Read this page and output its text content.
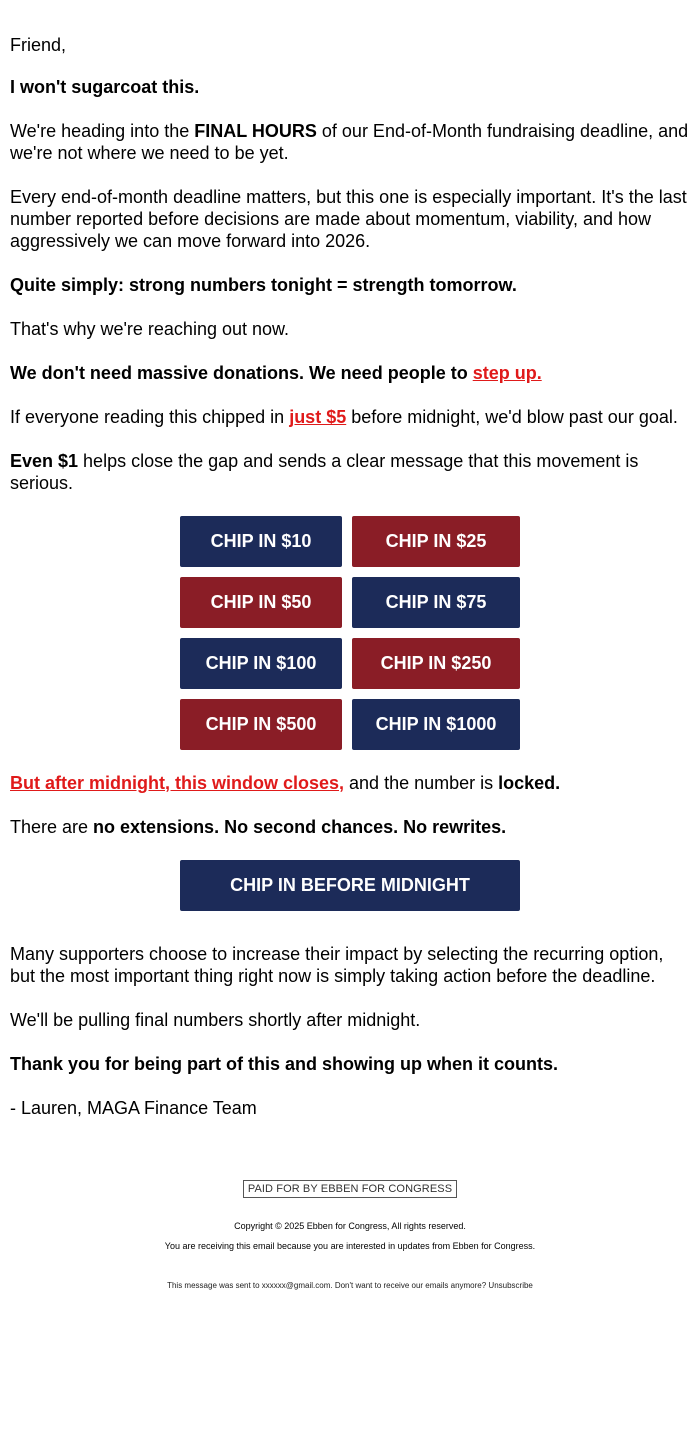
Friend,

I won't sugarcoat this.

We're heading into the FINAL HOURS of our End-of-Month fundraising deadline, and we're not where we need to be yet.

Every end-of-month deadline matters, but this one is especially important. It's the last number reported before decisions are made about momentum, viability, and how aggressively we can move forward into 2026.

Quite simply: strong numbers tonight = strength tomorrow.

That's why we're reaching out now.

We don't need massive donations. We need people to step up.

If everyone reading this chipped in just $5 before midnight, we'd blow past our goal.

Even $1 helps close the gap and sends a clear message that this movement is serious.

CHIP IN $10	CHIP IN $25
CHIP IN $50	CHIP IN $75
CHIP IN $100	CHIP IN $250
CHIP IN $500	CHIP IN $1000

But after midnight, this window closes, and the number is locked.

There are no extensions. No second chances. No rewrites.

CHIP IN BEFORE MIDNIGHT

Many supporters choose to increase their impact by selecting the recurring option, but the most important thing right now is simply taking action before the deadline.

We'll be pulling final numbers shortly after midnight.

Thank you for being part of this and showing up when it counts.

- Lauren, MAGA Finance Team

PAID FOR BY EBBEN FOR CONGRESS

Copyright © 2025 Ebben for Congress, All rights reserved.

You are receiving this email because you are interested in updates from Ebben for Congress.

This message was sent to xxxxxx@gmail.com. Don't want to receive our emails anymore? Unsubscribe
